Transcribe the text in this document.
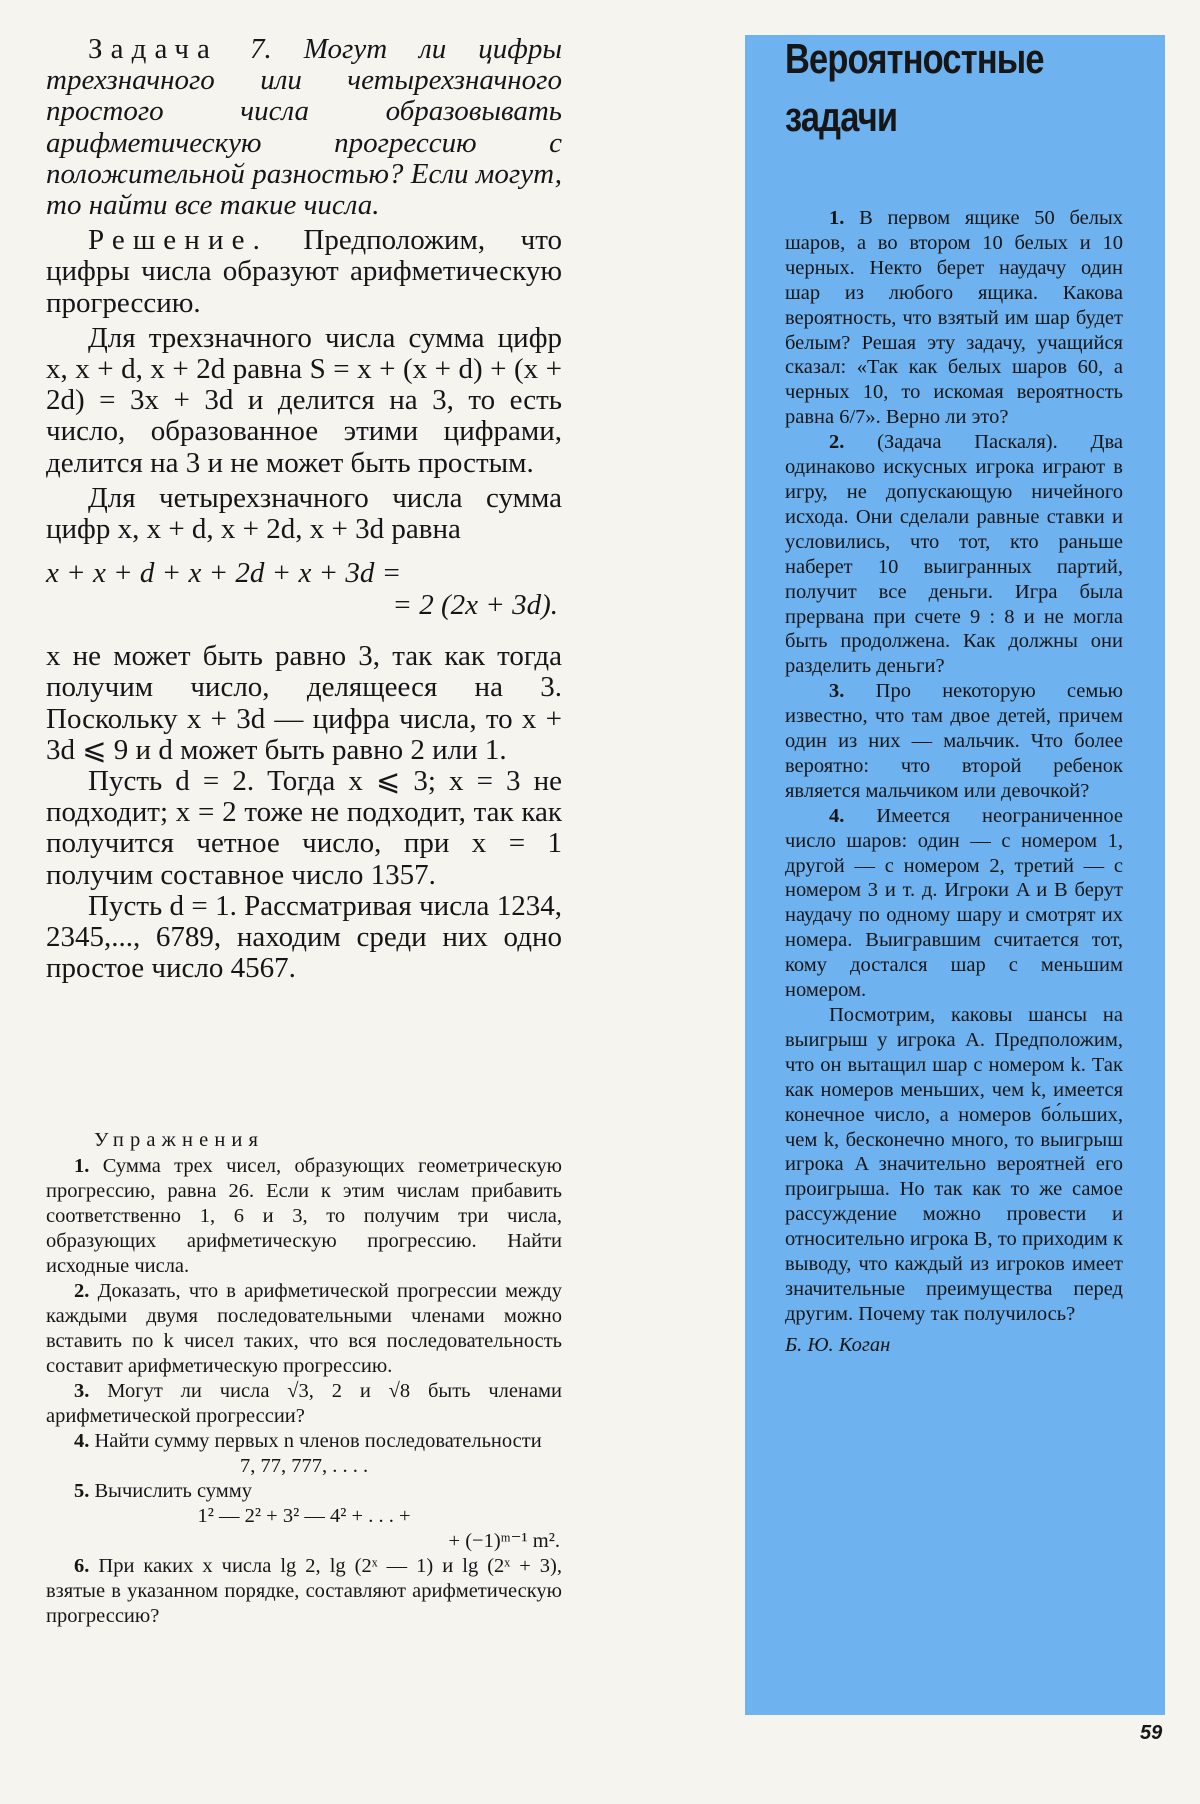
Задача 7. Могут ли цифры трехзначного или четырехзначного простого числа образовывать арифметическую прогрессию с положительной разностью? Если могут, то найти все такие числа.

Решение. Предположим, что цифры числа образуют арифметическую прогрессию.

Для трехзначного числа сумма цифр x, x + d, x + 2d равна S = x + (x + d) + (x + 2d) = 3x + 3d и делится на 3, то есть число, образованное этими цифрами, делится на 3 и не может быть простым.

Для четырехзначного числа сумма цифр x, x + d, x + 2d, x + 3d равна

x + x + d + x + 2d + x + 3d =
= 2 (2x + 3d).

x не может быть равно 3, так как тогда получим число, делящееся на 3. Поскольку x + 3d — цифра числа, то x + 3d ⩽ 9 и d может быть равно 2 или 1.

Пусть d = 2. Тогда x ⩽ 3; x = 3 не подходит; x = 2 тоже не подходит, так как получится четное число, при x = 1 получим составное число 1357.

Пусть d = 1. Рассматривая числа 1234, 2345,..., 6789, находим среди них одно простое число 4567.

Упражнения

1. Сумма трех чисел, образующих геометрическую прогрессию, равна 26. Если к этим числам прибавить соответственно 1, 6 и 3, то получим три числа, образующих арифметическую прогрессию. Найти исходные числа.

2. Доказать, что в арифметической прогрессии между каждыми двумя последовательными членами можно вставить по k чисел таких, что вся последовательность составит арифметическую прогрессию.

3. Могут ли числа √3, 2 и √8 быть членами арифметической прогрессии?

4. Найти сумму первых n членов последовательности

7, 77, 777, . . . .

5. Вычислить сумму

1² — 2² + 3² — 4² + . . . +

+ (−1)ᵐ⁻¹ m².

6. При каких x числа lg 2, lg (2ˣ — 1) и lg (2ˣ + 3), взятые в указанном порядке, составляют арифметическую прогрессию?

Вероятностные
задачи

1. В первом ящике 50 белых шаров, а во втором 10 белых и 10 черных. Некто берет наудачу один шар из любого ящика. Какова вероятность, что взятый им шар будет белым? Решая эту задачу, учащийся сказал: «Так как белых шаров 60, а черных 10, то искомая вероятность равна 6/7». Верно ли это?

2. (Задача Паскаля). Два одинаково искусных игрока играют в игру, не допускающую ничейного исхода. Они сделали равные ставки и условились, что тот, кто раньше наберет 10 выигранных партий, получит все деньги. Игра была прервана при счете 9 : 8 и не могла быть продолжена. Как должны они разделить деньги?

3. Про некоторую семью известно, что там двое детей, причем один из них — мальчик. Что более вероятно: что второй ребенок является мальчиком или девочкой?

4. Имеется неограниченное число шаров: один — с номером 1, другой — с номером 2, третий — с номером 3 и т. д. Игроки A и B берут наудачу по одному шару и смотрят их номера. Выигравшим считается тот, кому достался шар с меньшим номером.

Посмотрим, каковы шансы на выигрыш у игрока A. Предположим, что он вытащил шар с номером k. Так как номеров меньших, чем k, имеется конечное число, а номеров бо́льших, чем k, бесконечно много, то выигрыш игрока A значительно вероятней его проигрыша. Но так как то же самое рассуждение можно провести и относительно игрока B, то приходим к выводу, что каждый из игроков имеет значительные преимущества перед другим. Почему так получилось?

Б. Ю. Коган

59
